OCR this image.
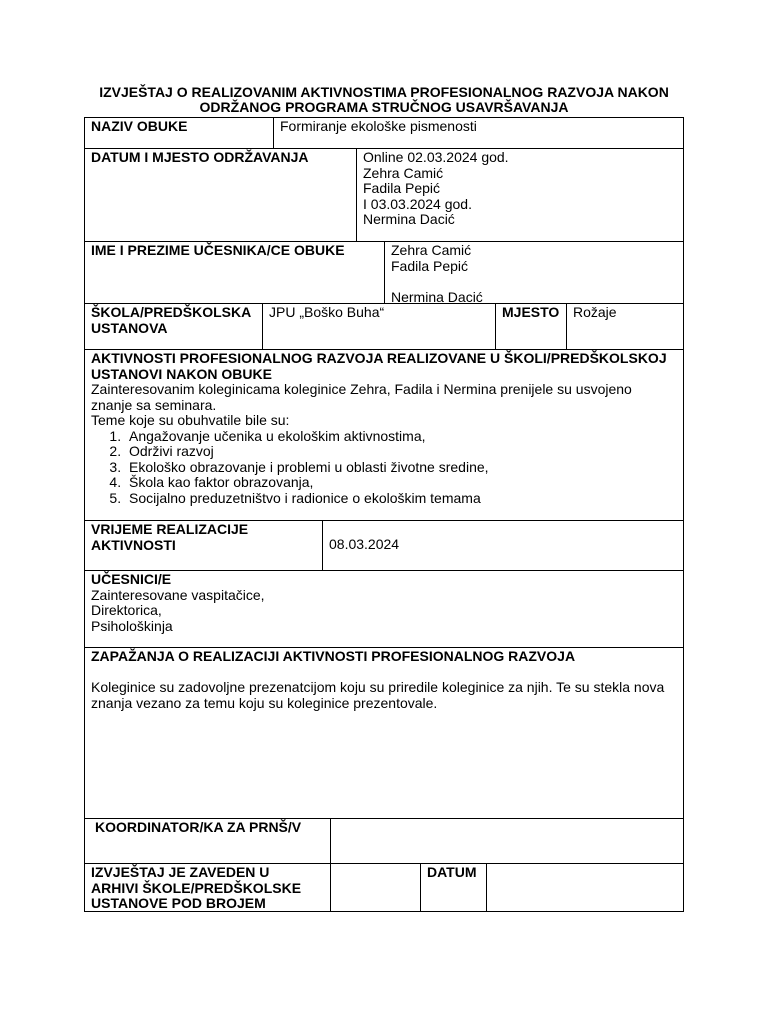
IZVJEŠTAJ O REALIZOVANIM AKTIVNOSTIMA PROFESIONALNOG RAZVOJA NAKON
ODRŽANOG PROGRAMA STRUČNOG USAVRŠAVANJA
NAZIV OBUKE	Formiranje ekološke pismenosti
DATUM I MJESTO ODRŽAVANJA	Online 02.03.2024 god.
Zehra Camić
Fadila Pepić
I 03.03.2024 god.
Nermina Dacić
IME I PREZIME UČESNIKA/CE OBUKE	Zehra Camić
Fadila Pepić
Nermina Dacić
ŠKOLA/PREDŠKOLSKA
USTANOVA
JPU „Boško Buha“	MJESTO Rožaje
AKTIVNOSTI PROFESIONALNOG RAZVOJA REALIZOVANE U ŠKOLI/PREDŠKOLSKOJ
USTANOVI NAKON OBUKE
Zainteresovanim koleginicama koleginice Zehra, Fadila i Nermina prenijele su usvojeno
znanje sa seminara.
Teme koje su obuhvatile bile su:
1. Angažovanje učenika u ekološkim aktivnostima,
2. Održivi razvoj
3. Ekološko obrazovanje i problemi u oblasti životne sredine,
4. Škola kao faktor obrazovanja,
5. Socijalno preduzetništvo i radionice o ekološkim temama
VRIJEME REALIZACIJE
AKTIVNOSTI	08.03.2024
UČESNICI/E
Zainteresovane vaspitačice,
Direktorica,
Psihološkinja
ZAPAŽANJA O REALIZACIJI AKTIVNOSTI PROFESIONALNOG RAZVOJA
Koleginice su zadovoljne prezenatcijom koju su priredile koleginice za njih. Te su stekla nova
znanja vezano za temu koju su koleginice prezentovale.
KOORDINATOR/KA ZA PRNŠ/V
IZVJEŠTAJ JE ZAVEDEN U
ARHIVI ŠKOLE/PREDŠKOLSKE
USTANOVE POD BROJEM
DATUM
